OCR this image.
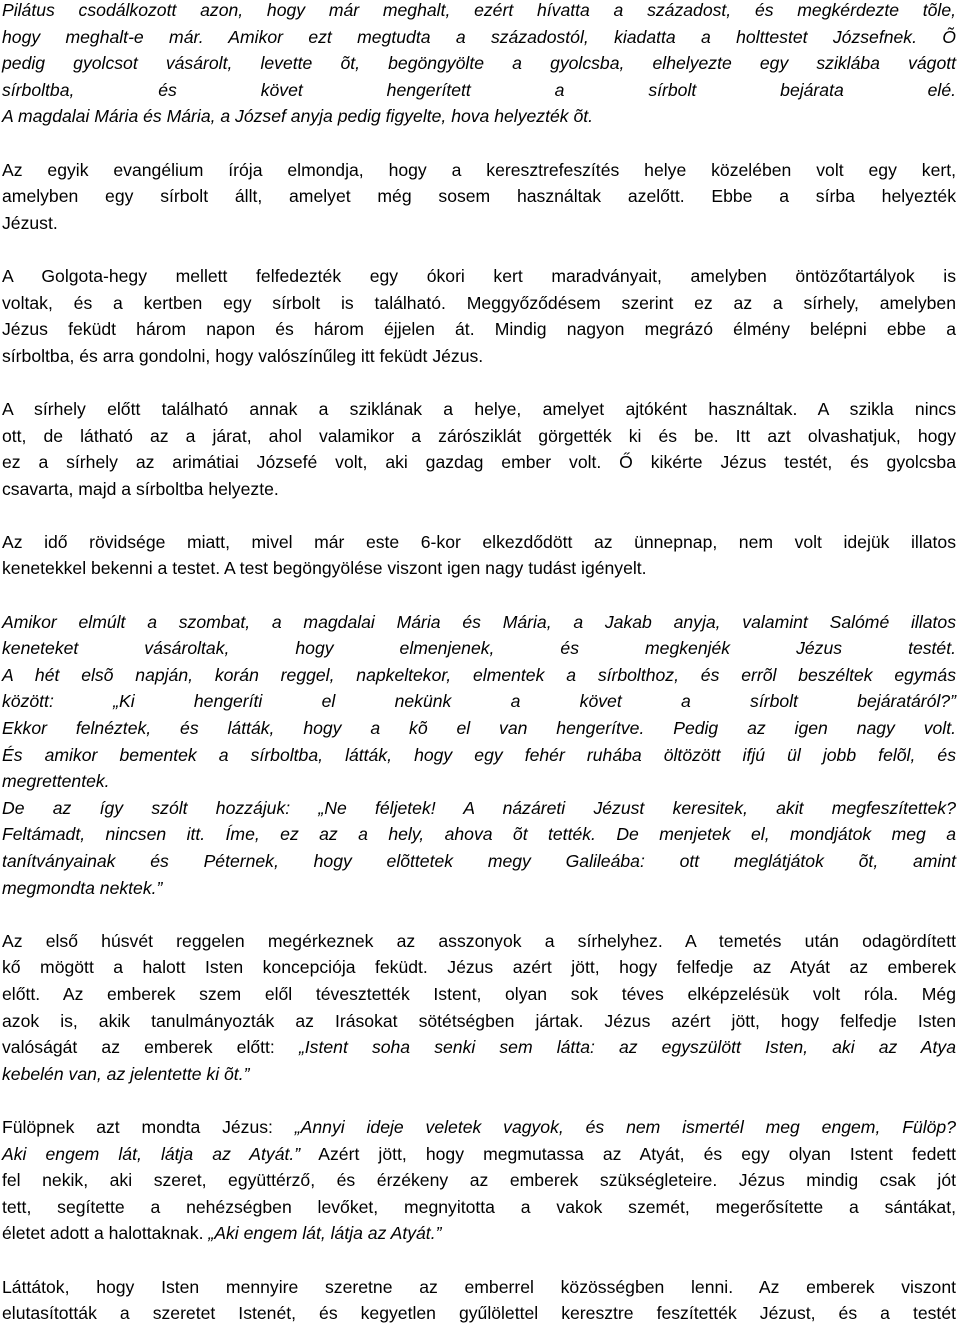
Pilátus csodálkozott azon, hogy már meghalt, ezért hívatta a századost, és megkérdezte tõle,
hogy meghalt-e már. Amikor ezt megtudta a századostól, kiadatta a holttestet Józsefnek. Õ
pedig gyolcsot vásárolt, levette õt, begöngyölte a gyolcsba, elhelyezte egy sziklába vágott
sírboltba, és követ hengerített a sírbolt bejárata elé.
A magdalai Mária és Mária, a József anyja pedig figyelte, hova helyezték õt.

Az egyik evangélium írója elmondja, hogy a keresztrefeszítés helye közelében volt egy kert,
amelyben egy sírbolt állt, amelyet még sosem használtak azelőtt. Ebbe a sírba helyezték
Jézust.

A Golgota-hegy mellett felfedezték egy ókori kert maradványait, amelyben öntözőtartályok is
voltak, és a kertben egy sírbolt is található. Meggyőződésem szerint ez az a sírhely, amelyben
Jézus feküdt három napon és három éjjelen át. Mindig nagyon megrázó élmény belépni ebbe a
sírboltba, és arra gondolni, hogy valószínűleg itt feküdt Jézus.

A sírhely előtt található annak a sziklának a helye, amelyet ajtóként használtak. A szikla nincs
ott, de látható az a járat, ahol valamikor a zárósziklát görgették ki és be. Itt azt olvashatjuk, hogy
ez a sírhely az arimátiai Józsefé volt, aki gazdag ember volt. Ő kikérte Jézus testét, és gyolcsba
csavarta, majd a sírboltba helyezte.

Az idő rövidsége miatt, mivel már este 6-kor elkezdődött az ünnepnap, nem volt idejük illatos
kenetekkel bekenni a testet. A test begöngyölése viszont igen nagy tudást igényelt.

Amikor elmúlt a szombat, a magdalai Mária és Mária, a Jakab anyja, valamint Salómé illatos
keneteket vásároltak, hogy elmenjenek, és megkenjék Jézus testét.
A hét elsõ napján, korán reggel, napkeltekor, elmentek a sírbolthoz, és errõl beszéltek egymás
között: „Ki hengeríti el nekünk a követ a sírbolt bejáratáról?”
Ekkor felnéztek, és látták, hogy a kõ el van hengerítve. Pedig az igen nagy volt.
És amikor bementek a sírboltba, látták, hogy egy fehér ruhába öltözött ifjú ül jobb felõl, és
megrettentek.
De az így szólt hozzájuk: „Ne féljetek! A názáreti Jézust keresitek, akit megfeszítettek?
Feltámadt, nincsen itt. Íme, ez az a hely, ahova õt tették. De menjetek el, mondjátok meg a
tanítványainak és Péternek, hogy elõttetek megy Galileába: ott meglátjátok õt, amint
megmondta nektek.”

Az első húsvét reggelen megérkeznek az asszonyok a sírhelyhez. A temetés után odagördített
kő mögött a halott Isten koncepciója feküdt. Jézus azért jött, hogy felfedje az Atyát az emberek
előtt. Az emberek szem elől tévesztették Istent, olyan sok téves elképzelésük volt róla. Még
azok is, akik tanulmányozták az Irásokat sötétségben jártak. Jézus azért jött, hogy felfedje Isten
valóságát az emberek előtt: „Istent soha senki sem látta: az egyszülött Isten, aki az Atya
kebelén van, az jelentette ki õt.”

Fülöpnek azt mondta Jézus: „Annyi ideje veletek vagyok, és nem ismertél meg engem, Fülöp?
Aki engem lát, látja az Atyát.” Azért jött, hogy megmutassa az Atyát, és egy olyan Istent fedett
fel nekik, aki szeret, együttérző, és érzékeny az emberek szükségleteire. Jézus mindig csak jót
tett, segítette a nehézségben levőket, megnyitotta a vakok szemét, megerősítette a sántákat,
életet adott a halottaknak. „Aki engem lát, látja az Atyát.”

Láttátok, hogy Isten mennyire szeretne az emberrel közösségben lenni. Az emberek viszont
elutasították a szeretet Istenét, és kegyetlen gyűlölettel keresztre feszítették Jézust, és a testét
